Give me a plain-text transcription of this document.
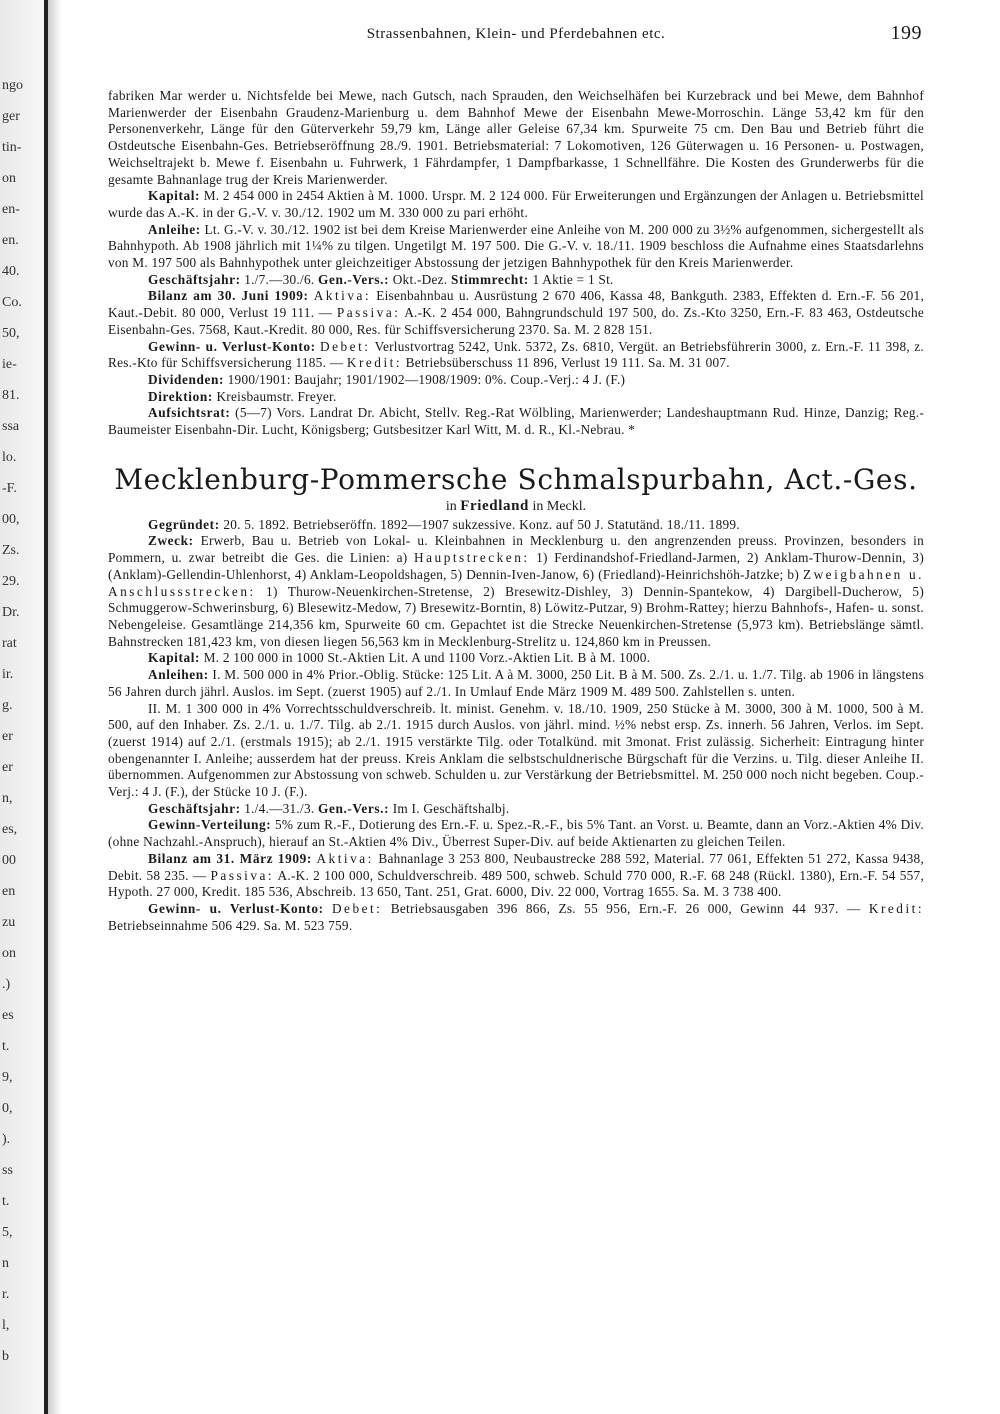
ngo
ger
tin-
on
en-
en.
40.
Co.
50,
ie-
81.
ssa
lo.
-F.
00,
Zs.
29.
Dr.
rat
ir.
g.
er
er
n,
es,
00
en
zu
on
.)
es
t.
9,
0,
).
ss
t.
5,
n
r.
l,
b
Strassenbahnen, Klein- und Pferdebahnen etc.	199

fabriken Mar werder u. Nichtsfelde bei Mewe, nach Gutsch, nach Sprauden, den Weichselhäfen bei Kurzebrack und bei Mewe, dem Bahnhof Marienwerder der Eisenbahn Graudenz-Marienburg u. dem Bahnhof Mewe der Eisenbahn Mewe-Morroschin. Länge 53,42 km für den Personenverkehr, Länge für den Güterverkehr 59,79 km, Länge aller Geleise 67,34 km. Spurweite 75 cm. Den Bau und Betrieb führt die Ostdeutsche Eisenbahn-Ges. Betriebseröffnung 28./9. 1901. Betriebsmaterial: 7 Lokomotiven, 126 Güterwagen u. 16 Personen- u. Postwagen, Weichseltrajekt b. Mewe f. Eisenbahn u. Fuhrwerk, 1 Fährdampfer, 1 Dampfbarkasse, 1 Schnellfähre. Die Kosten des Grunderwerbs für die gesamte Bahnanlage trug der Kreis Marienwerder.

Kapital: M. 2 454 000 in 2454 Aktien à M. 1000. Urspr. M. 2 124 000. Für Erweiterungen und Ergänzungen der Anlagen u. Betriebsmittel wurde das A.-K. in der G.-V. v. 30./12. 1902 um M. 330 000 zu pari erhöht.

Anleihe: Lt. G.-V. v. 30./12. 1902 ist bei dem Kreise Marienwerder eine Anleihe von M. 200 000 zu 3½% aufgenommen, sichergestellt als Bahnhypoth. Ab 1908 jährlich mit 1¼% zu tilgen. Ungetilgt M. 197 500. Die G.-V. v. 18./11. 1909 beschloss die Aufnahme eines Staatsdarlehns von M. 197 500 als Bahnhypothek unter gleichzeitiger Abstossung der jetzigen Bahnhypothek für den Kreis Marienwerder.

Geschäftsjahr: 1./7.—30./6. Gen.-Vers.: Okt.-Dez. Stimmrecht: 1 Aktie = 1 St.

Bilanz am 30. Juni 1909: Aktiva: Eisenbahnbau u. Ausrüstung 2 670 406, Kassa 48, Bankguth. 2383, Effekten d. Ern.-F. 56 201, Kaut.-Debit. 80 000, Verlust 19 111. — Passiva: A.-K. 2 454 000, Bahngrundschuld 197 500, do. Zs.-Kto 3250, Ern.-F. 83 463, Ostdeutsche Eisenbahn-Ges. 7568, Kaut.-Kredit. 80 000, Res. für Schiffsversicherung 2370. Sa. M. 2 828 151.

Gewinn- u. Verlust-Konto: Debet: Verlustvortrag 5242, Unk. 5372, Zs. 6810, Vergüt. an Betriebsführerin 3000, z. Ern.-F. 11 398, z. Res.-Kto für Schiffsversicherung 1185. — Kredit: Betriebsüberschuss 11 896, Verlust 19 111. Sa. M. 31 007.

Dividenden: 1900/1901: Baujahr; 1901/1902—1908/1909: 0%. Coup.-Verj.: 4 J. (F.)

Direktion: Kreisbaumstr. Freyer.

Aufsichtsrat: (5—7) Vors. Landrat Dr. Abicht, Stellv. Reg.-Rat Wölbling, Marienwerder; Landeshauptmann Rud. Hinze, Danzig; Reg.-Baumeister Eisenbahn-Dir. Lucht, Königsberg; Gutsbesitzer Karl Witt, M. d. R., Kl.-Nebrau. *

Mecklenburg-Pommersche Schmalspurbahn, Act.-Ges.
in Friedland in Meckl.

Gegründet: 20. 5. 1892. Betriebseröffn. 1892—1907 sukzessive. Konz. auf 50 J. Statutänd. 18./11. 1899.

Zweck: Erwerb, Bau u. Betrieb von Lokal- u. Kleinbahnen in Mecklenburg u. den angrenzenden preuss. Provinzen, besonders in Pommern, u. zwar betreibt die Ges. die Linien: a) Hauptstrecken: 1) Ferdinandshof-Friedland-Jarmen, 2) Anklam-Thurow-Dennin, 3) (Anklam)-Gellendin-Uhlenhorst, 4) Anklam-Leopoldshagen, 5) Dennin-Iven-Janow, 6) (Friedland)-Heinrichshöh-Jatzke; b) Zweigbahnen u. Anschlussstrecken: 1) Thurow-Neuenkirchen-Stretense, 2) Bresewitz-Dishley, 3) Dennin-Spantekow, 4) Dargibell-Ducherow, 5) Schmuggerow-Schwerinsburg, 6) Blesewitz-Medow, 7) Bresewitz-Borntin, 8) Löwitz-Putzar, 9) Brohm-Rattey; hierzu Bahnhofs-, Hafen- u. sonst. Nebengeleise. Gesamtlänge 214,356 km, Spurweite 60 cm. Gepachtet ist die Strecke Neuenkirchen-Stretense (5,973 km). Betriebslänge sämtl. Bahnstrecken 181,423 km, von diesen liegen 56,563 km in Mecklenburg-Strelitz u. 124,860 km in Preussen.

Kapital: M. 2 100 000 in 1000 St.-Aktien Lit. A und 1100 Vorz.-Aktien Lit. B à M. 1000.

Anleihen: I. M. 500 000 in 4% Prior.-Oblig. Stücke: 125 Lit. A à M. 3000, 250 Lit. B à M. 500. Zs. 2./1. u. 1./7. Tilg. ab 1906 in längstens 56 Jahren durch jährl. Auslos. im Sept. (zuerst 1905) auf 2./1. In Umlauf Ende März 1909 M. 489 500. Zahlstellen s. unten.

II. M. 1 300 000 in 4% Vorrechtsschuldverschreib. lt. minist. Genehm. v. 18./10. 1909, 250 Stücke à M. 3000, 300 à M. 1000, 500 à M. 500, auf den Inhaber. Zs. 2./1. u. 1./7. Tilg. ab 2./1. 1915 durch Auslos. von jährl. mind. ½% nebst ersp. Zs. innerh. 56 Jahren, Verlos. im Sept. (zuerst 1914) auf 2./1. (erstmals 1915); ab 2./1. 1915 verstärkte Tilg. oder Totalkünd. mit 3monat. Frist zulässig. Sicherheit: Eintragung hinter obengenannter I. Anleihe; ausserdem hat der preuss. Kreis Anklam die selbstschuldnerische Bürgschaft für die Verzins. u. Tilg. dieser Anleihe II. übernommen. Aufgenommen zur Abstossung von schweb. Schulden u. zur Verstärkung der Betriebsmittel. M. 250 000 noch nicht begeben. Coup.-Verj.: 4 J. (F.), der Stücke 10 J. (F.).

Geschäftsjahr: 1./4.—31./3. Gen.-Vers.: Im I. Geschäftshalbj.

Gewinn-Verteilung: 5% zum R.-F., Dotierung des Ern.-F. u. Spez.-R.-F., bis 5% Tant. an Vorst. u. Beamte, dann an Vorz.-Aktien 4% Div. (ohne Nachzahl.-Anspruch), hierauf an St.-Aktien 4% Div., Überrest Super-Div. auf beide Aktienarten zu gleichen Teilen.

Bilanz am 31. März 1909: Aktiva: Bahnanlage 3 253 800, Neubaustrecke 288 592, Material. 77 061, Effekten 51 272, Kassa 9438, Debit. 58 235. — Passiva: A.-K. 2 100 000, Schuldverschreib. 489 500, schweb. Schuld 770 000, R.-F. 68 248 (Rückl. 1380), Ern.-F. 54 557, Hypoth. 27 000, Kredit. 185 536, Abschreib. 13 650, Tant. 251, Grat. 6000, Div. 22 000, Vortrag 1655. Sa. M. 3 738 400.

Gewinn- u. Verlust-Konto: Debet: Betriebsausgaben 396 866, Zs. 55 956, Ern.-F. 26 000, Gewinn 44 937. — Kredit: Betriebseinnahme 506 429. Sa. M. 523 759.
